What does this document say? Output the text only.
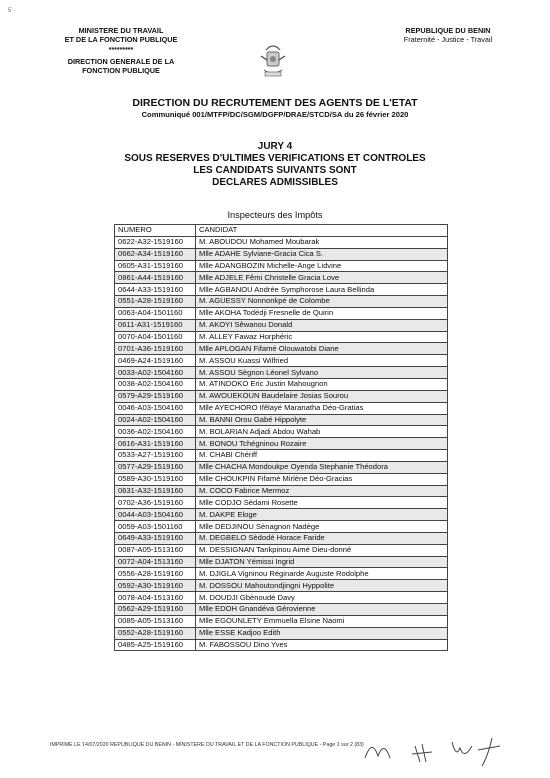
5 ·
MINISTERE DU TRAVAIL
ET DE LA FONCTION PUBLIQUE
*********
DIRECTION GENERALE DE LA
FONCTION PUBLIQUE
REPUBLIQUE DU BENIN
Fraternité - Justice - Travail
DIRECTION DU RECRUTEMENT DES AGENTS DE L'ETAT
Communiqué 001/MTFP/DC/SGM/DGFP/DRAE/STCD/SA du 26 février 2020
JURY 4
SOUS RESERVES D'ULTIMES VERIFICATIONS ET CONTROLES
LES CANDIDATS SUIVANTS SONT
DECLARES ADMISSIBLES
Inspecteurs des Impôts
NUMERO	CANDIDAT
0622-A32-1519160	M. ABOUDOU Mohamed Moubarak
0662-A34-1519160	Mlle ADAHE Sylviane-Gracia Cica S.
0605-A31-1519160	Mlle ADANGBOZIN Michelle-Ange Lidvine
0861-A44-1519160	Mlle ADJELE Fêmi Christelle Gracia Love
0644-A33-1519160	Mlle AGBANOU Andrée Symphorose Laura Bellinda
0551-A28-1519160	M. AGUESSY Nonnonkpé de Colombe
0063-A04-1501160	Mlle AKOHA Todédji Fresnelle de Quirin
0611-A31-1519160	M. AKOYI Sêwanou Donald
0070-A04-1501160	M. ALLEY Fawaz Horphéric
0701-A36-1519160	Mlle APLOGAN Fifamè Olouwatobi Diane
0469-A24-1519160	M. ASSOU Kuassi Wilfried
0033-A02-1504160	M. ASSOU Sègnon Léonel Sylvano
0038-A02-1504160	M. ATINDOKO Eric Justin Mahougnon
0579-A29-1519160	M. AWOUEKOUN Baudelaire Josias Sourou
0046-A03-1504160	Mlle AYECHORO Ifêlayé Maranatha Déo-Gratias
0024-A02-1504160	M. BANNI Orou Gabé Hippolyte
0036-A02-1504160	M. BOLARIAN Adjadi Abdou Wahab
0616-A31-1519160	M. BONOU Tchégninou Rozaire
0533-A27-1519160	M. CHABI Chériff
0577-A29-1519160	Mlle CHACHA Mondoukpe Oyenda Stephanie Théodora
0589-A30-1519160	Mlle CHOUKPIN Fifamè Mirlène Déo-Gracias
0631-A32-1519160	M. COCO Fabrice Mermoz
0702-A36-1519160	Mlle CODJO Sèdami Rosette
0044-A03-1504160	M. DAKPE Eloge
0059-A03-1501160	Mlle DEDJINOU Sènagnon Nadège
0649-A33-1519160	M. DEGBELO Sèdodé Horace Faride
0087-A05-1513160	M. DESSIGNAN Tankpinou Aimé Dieu-donné
0072-A04-1513160	Mlle DJATON Yémissi Ingrid
0556-A28-1519160	M. DJIGLA Vigninou Réginarde Auguste Rodolphe
0592-A30-1519160	M. DOSSOU Mahoutondjingni Hyppolite
0078-A04-1513160	M. DOUDJI Gbènoudé Davy
0562-A29-1519160	Mlle EDOH Gnandéva Gérovienne
0085-A05-1513160	Mlle EGOUNLETY Emmuella Elsine Naomi
0552-A28-1519160	Mlle ESSE Kadjoo Edith
0485-A25-1519160	M. FABOSSOU Dino Yves
IMPRIME LE 14/07/2020 REPUBLIQUE DU BENIN - MINISTERE DU TRAVAIL ET DE LA FONCTION PUBLIQUE - Page 1 sur 2 (83)
